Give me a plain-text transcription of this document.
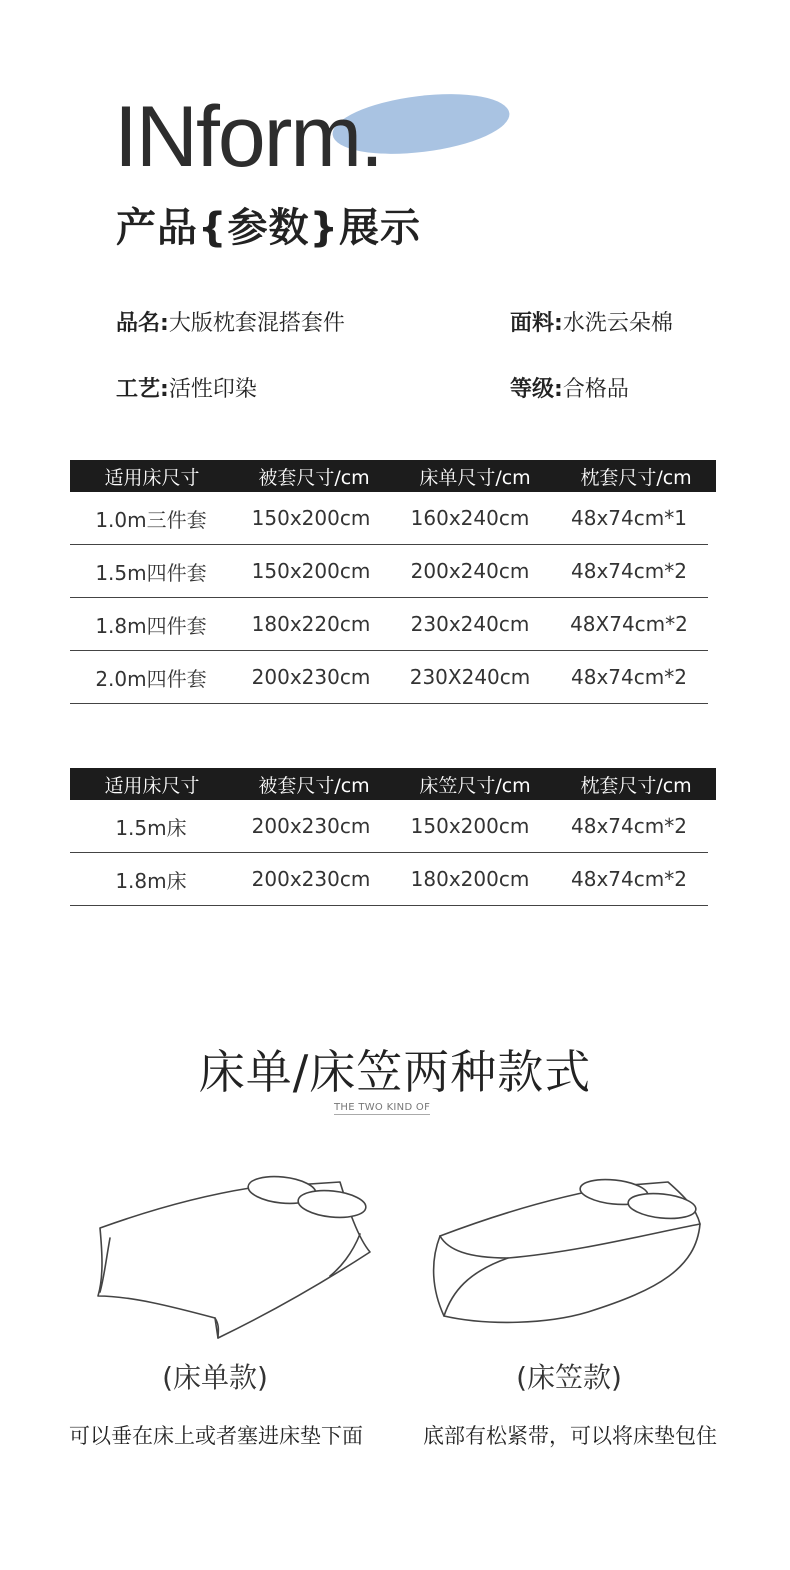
INform.
产品{参数}展示
品名:大版枕套混搭套件	面料:水洗云朵棉
工艺:活性印染	等级:合格品
适用床尺寸	被套尺寸/cm	床单尺寸/cm	枕套尺寸/cm
1.0m三件套	150x200cm	160x240cm	48x74cm*1
1.5m四件套	150x200cm	200x240cm	48x74cm*2
1.8m四件套	180x220cm	230x240cm	48X74cm*2
2.0m四件套	200x230cm	230X240cm	48x74cm*2
适用床尺寸	被套尺寸/cm	床笠尺寸/cm	枕套尺寸/cm
1.5m床	200x230cm	150x200cm	48x74cm*2
1.8m床	200x230cm	180x200cm	48x74cm*2
床单/床笠两种款式
THE TWO KIND OF
(床单款)	(床笠款)
可以垂在床上或者塞进床垫下面	底部有松紧带，可以将床垫包住
